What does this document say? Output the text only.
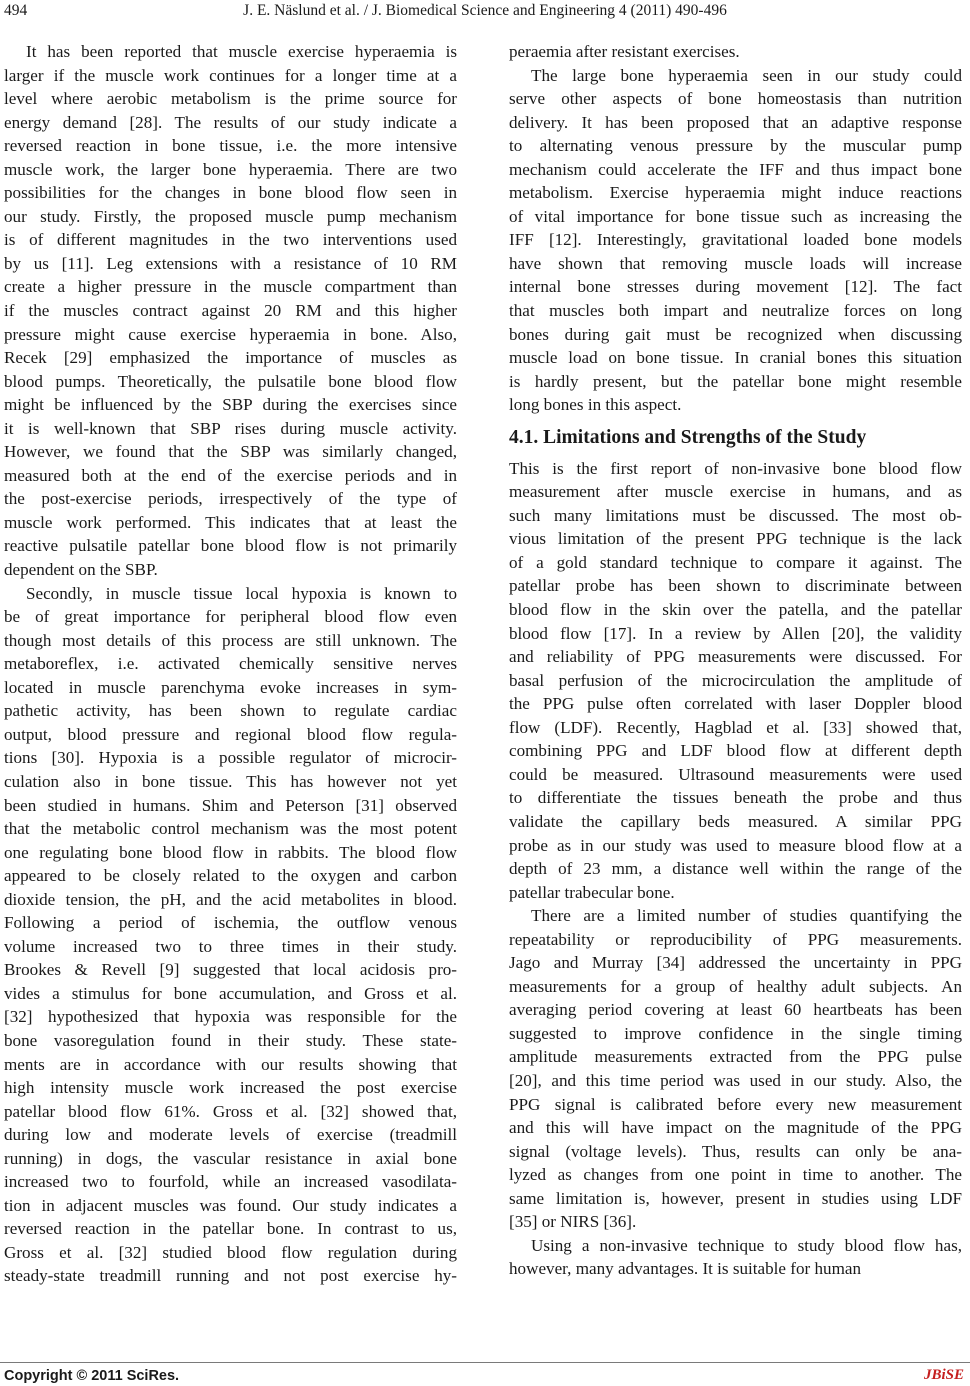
494	J. E. Näslund et al. / J. Biomedical Science and Engineering 4 (2011) 490-496
It has been reported that muscle exercise hyperaemia is
larger if the muscle work continues for a longer time at a
level where aerobic metabolism is the prime source for
energy demand [28]. The results of our study indicate a
reversed reaction in bone tissue, i.e. the more intensive
muscle work, the larger bone hyperaemia. There are two
possibilities for the changes in bone blood flow seen in
our study. Firstly, the proposed muscle pump mechanism
is of different magnitudes in the two interventions used
by us [11]. Leg extensions with a resistance of 10 RM
create a higher pressure in the muscle compartment than
if the muscles contract against 20 RM and this higher
pressure might cause exercise hyperaemia in bone. Also,
Recek [29] emphasized the importance of muscles as
blood pumps. Theoretically, the pulsatile bone blood flow
might be influenced by the SBP during the exercises since
it is well-known that SBP rises during muscle activity.
However, we found that the SBP was similarly changed,
measured both at the end of the exercise periods and in
the post-exercise periods, irrespectively of the type of
muscle work performed. This indicates that at least the
reactive pulsatile patellar bone blood flow is not primarily
dependent on the SBP.
Secondly, in muscle tissue local hypoxia is known to
be of great importance for peripheral blood flow even
though most details of this process are still unknown. The
metaboreflex, i.e. activated chemically sensitive nerves
located in muscle parenchyma evoke increases in sym-
pathetic activity, has been shown to regulate cardiac
output, blood pressure and regional blood flow regula-
tions [30]. Hypoxia is a possible regulator of microcir-
culation also in bone tissue. This has however not yet
been studied in humans. Shim and Peterson [31] observed
that the metabolic control mechanism was the most potent
one regulating bone blood flow in rabbits. The blood flow
appeared to be closely related to the oxygen and carbon
dioxide tension, the pH, and the acid metabolites in blood.
Following a period of ischemia, the outflow venous
volume increased two to three times in their study.
Brookes & Revell [9] suggested that local acidosis pro-
vides a stimulus for bone accumulation, and Gross et al.
[32] hypothesized that hypoxia was responsible for the
bone vasoregulation found in their study. These state-
ments are in accordance with our results showing that
high intensity muscle work increased the post exercise
patellar blood flow 61%. Gross et al. [32] showed that,
during low and moderate levels of exercise (treadmill
running) in dogs, the vascular resistance in axial bone
increased two to fourfold, while an increased vasodilata-
tion in adjacent muscles was found. Our study indicates a
reversed reaction in the patellar bone. In contrast to us,
Gross et al. [32] studied blood flow regulation during
steady-state treadmill running and not post exercise hy-
peraemia after resistant exercises.
The large bone hyperaemia seen in our study could
serve other aspects of bone homeostasis than nutrition
delivery. It has been proposed that an adaptive response
to alternating venous pressure by the muscular pump
mechanism could accelerate the IFF and thus impact bone
metabolism. Exercise hyperaemia might induce reactions
of vital importance for bone tissue such as increasing the
IFF [12]. Interestingly, gravitational loaded bone models
have shown that removing muscle loads will increase
internal bone stresses during movement [12]. The fact
that muscles both impart and neutralize forces on long
bones during gait must be recognized when discussing
muscle load on bone tissue. In cranial bones this situation
is hardly present, but the patellar bone might resemble
long bones in this aspect.
4.1. Limitations and Strengths of the Study
This is the first report of non-invasive bone blood flow
measurement after muscle exercise in humans, and as
such many limitations must be discussed. The most ob-
vious limitation of the present PPG technique is the lack
of a gold standard technique to compare it against. The
patellar probe has been shown to discriminate between
blood flow in the skin over the patella, and the patellar
blood flow [17]. In a review by Allen [20], the validity
and reliability of PPG measurements were discussed. For
basal perfusion of the microcirculation the amplitude of
the PPG pulse often correlated with laser Doppler blood
flow (LDF). Recently, Hagblad et al. [33] showed that,
combining PPG and LDF blood flow at different depth
could be measured. Ultrasound measurements were used
to differentiate the tissues beneath the probe and thus
validate the capillary beds measured. A similar PPG
probe as in our study was used to measure blood flow at a
depth of 23 mm, a distance well within the range of the
patellar trabecular bone.
There are a limited number of studies quantifying the
repeatability or reproducibility of PPG measurements.
Jago and Murray [34] addressed the uncertainty in PPG
measurements for a group of healthy adult subjects. An
averaging period covering at least 60 heartbeats has been
suggested to improve confidence in the single timing
amplitude measurements extracted from the PPG pulse
[20], and this time period was used in our study. Also, the
PPG signal is calibrated before every new measurement
and this will have impact on the magnitude of the PPG
signal (voltage levels). Thus, results can only be ana-
lyzed as changes from one point in time to another. The
same limitation is, however, present in studies using LDF
[35] or NIRS [36].
Using a non-invasive technique to study blood flow has,
however, many advantages. It is suitable for human
Copyright © 2011 SciRes.	JBiSE
